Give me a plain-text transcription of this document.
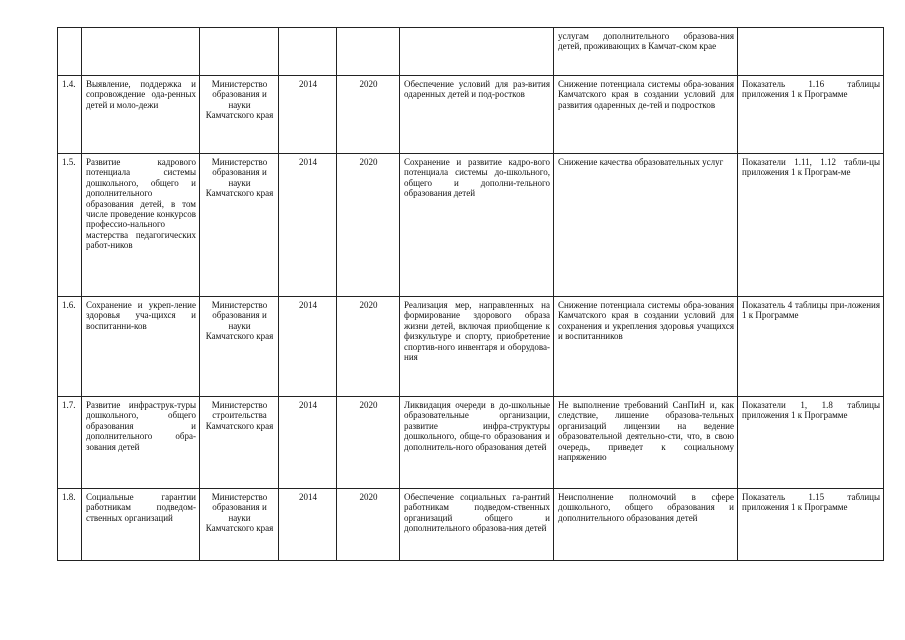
						услугам дополнительного образова-ния детей, проживающих в Камчат-ском крае	
1.4.	Выявление, поддержка и сопровождение ода-ренных детей и моло-дежи	Министерство образования и науки Камчатского края	2014	2020	Обеспечение условий для раз-вития одаренных детей и под-ростков	Снижение потенциала системы обра-зования Камчатского края в создании условий для развития одаренных де-тей и подростков	Показатель 1.16 таблицы приложения 1 к Программе
1.5.	Развитие кадрового потенциала системы дошкольного, общего и дополнительного образования детей, в том числе проведение конкурсов профессио-нального мастерства педагогических работ-ников	Министерство образования и науки Камчатского края	2014	2020	Сохранение и развитие кадро-вого потенциала системы до-школьного, общего и дополни-тельного образования детей	Снижение качества образовательных услуг	Показатели 1.11, 1.12 табли-цы приложения 1 к Програм-ме
1.6.	Сохранение и укреп-ление здоровья уча-щихся и воспитанни-ков	Министерство образования и науки Камчатского края	2014	2020	Реализация мер, направленных на формирование здорового образа жизни детей, включая приобщение к физкультуре и спорту, приобретение спортив-ного инвентаря и оборудова-ния	Снижение потенциала системы обра-зования Камчатского края в создании условий для сохранения и укрепления здоровья учащихся и воспитанников	Показатель 4 таблицы при-ложения 1 к Программе
1.7.	Развитие инфраструк-туры дошкольного, общего образования и дополнительного обра-зования детей	Министерство строительства Камчатского края	2014	2020	Ликвидация очереди в до-школьные образовательные организации, развитие инфра-структуры дошкольного, обще-го образования и дополнитель-ного образования детей	Не выполнение требований СанПиН и, как следствие, лишение образова-тельных организаций лицензии на ведение образовательной деятельно-сти, что, в свою очередь, приведет к социальному напряжению	Показатели 1, 1.8 таблицы приложения 1 к Программе
1.8.	Социальные гарантии работникам подведом-ственных организаций	Министерство образования и науки Камчатского края	2014	2020	Обеспечение социальных га-рантий работникам подведом-ственных организаций общего и дополнительного образова-ния детей	Неисполнение полномочий в сфере дошкольного, общего образования и дополнительного образования детей	Показатель 1.15 таблицы приложения 1 к Программе
